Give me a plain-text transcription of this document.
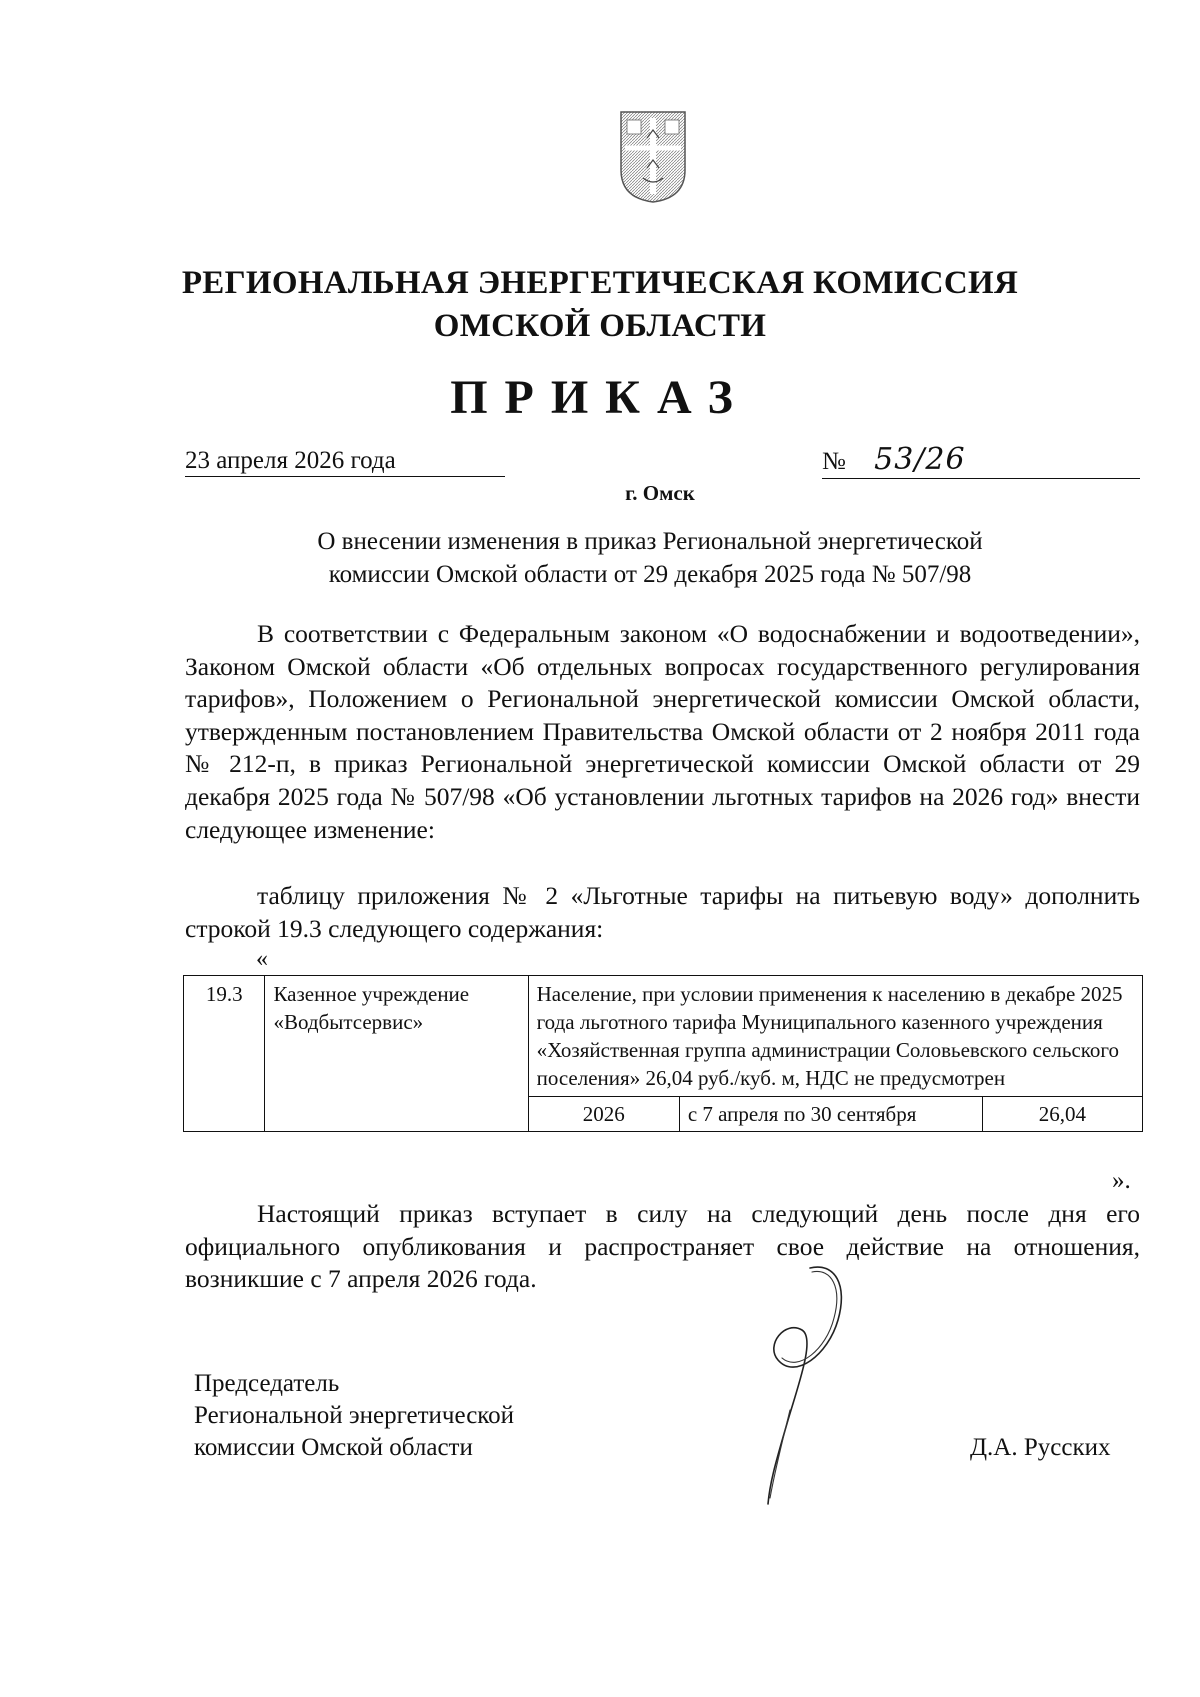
РЕГИОНАЛЬНАЯ ЭНЕРГЕТИЧЕСКАЯ КОМИССИЯ
ОМСКОЙ ОБЛАСТИ
ПРИКАЗ
23 апреля 2026 года	№ 53/26
г. Омск
О внесении изменения в приказ Региональной энергетической
комиссии Омской области от 29 декабря 2025 года № 507/98
В соответствии с Федеральным законом «О водоснабжении и водоотведении», Законом Омской области «Об отдельных вопросах государственного регулирования тарифов», Положением о Региональной энергетической комиссии Омской области, утвержденным постановлением Правительства Омской области от 2 ноября 2011 года № 212-п, в приказ Региональной энергетической комиссии Омской области от 29 декабря 2025 года № 507/98 «Об установлении льготных тарифов на 2026 год» внести следующее изменение:
таблицу приложения № 2 «Льготные тарифы на питьевую воду» дополнить строкой 19.3 следующего содержания:
«
19.3	Казенное учреждение «Водбытсервис»	Население, при условии применения к населению в декабре 2025 года льготного тарифа Муниципального казенного учреждения «Хозяйственная группа администрации Соловьевского сельского поселения» 26,04 руб./куб. м, НДС не предусмотрен		
		2026	с 7 апреля по 30 сентября	26,04
».
Настоящий приказ вступает в силу на следующий день после дня его официального опубликования и распространяет свое действие на отношения, возникшие с 7 апреля 2026 года.
Председатель
Региональной энергетической
комиссии Омской области	Д.А. Русских
